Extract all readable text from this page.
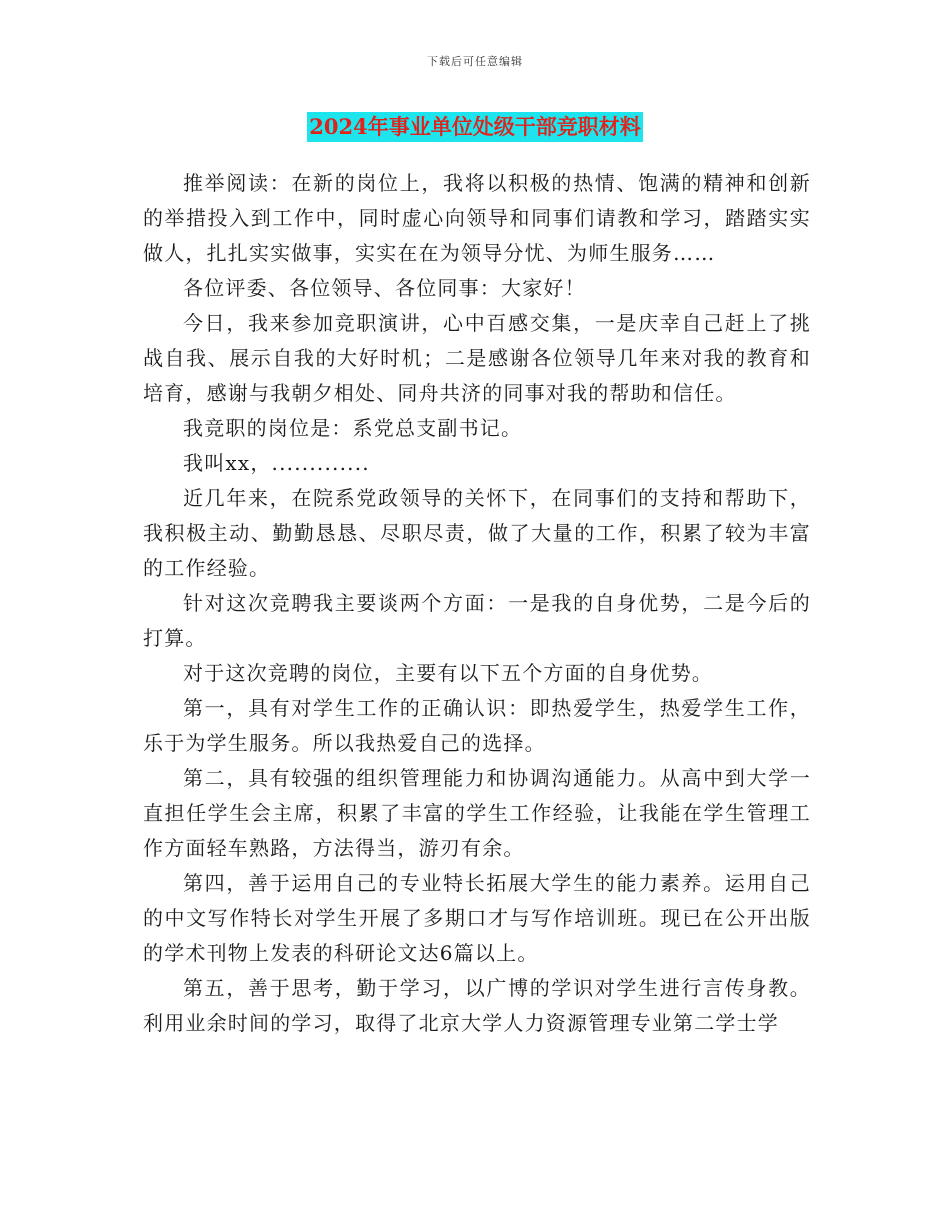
下载后可任意编辑
2024年事业单位处级干部竞职材料

推举阅读：在新的岗位上，我将以积极的热情、饱满的精神和创新的举措投入到工作中，同时虚心向领导和同事们请教和学习，踏踏实实做人，扎扎实实做事，实实在在为领导分忧、为师生服务……

各位评委、各位领导、各位同事：大家好！

今日，我来参加竞职演讲，心中百感交集，一是庆幸自己赶上了挑战自我、展示自我的大好时机；二是感谢各位领导几年来对我的教育和培育，感谢与我朝夕相处、同舟共济的同事对我的帮助和信任。

我竞职的岗位是：系党总支副书记。

我叫xx，.............

近几年来，在院系党政领导的关怀下，在同事们的支持和帮助下，我积极主动、勤勤恳恳、尽职尽责，做了大量的工作，积累了较为丰富的工作经验。

针对这次竞聘我主要谈两个方面：一是我的自身优势，二是今后的打算。

对于这次竞聘的岗位，主要有以下五个方面的自身优势。

第一，具有对学生工作的正确认识：即热爱学生，热爱学生工作，乐于为学生服务。所以我热爱自己的选择。

第二，具有较强的组织管理能力和协调沟通能力。从高中到大学一直担任学生会主席，积累了丰富的学生工作经验，让我能在学生管理工作方面轻车熟路，方法得当，游刃有余。

第四，善于运用自己的专业特长拓展大学生的能力素养。运用自己的中文写作特长对学生开展了多期口才与写作培训班。现已在公开出版的学术刊物上发表的科研论文达6篇以上。

第五，善于思考，勤于学习，以广博的学识对学生进行言传身教。利用业余时间的学习，取得了北京大学人力资源管理专业第二学士学
